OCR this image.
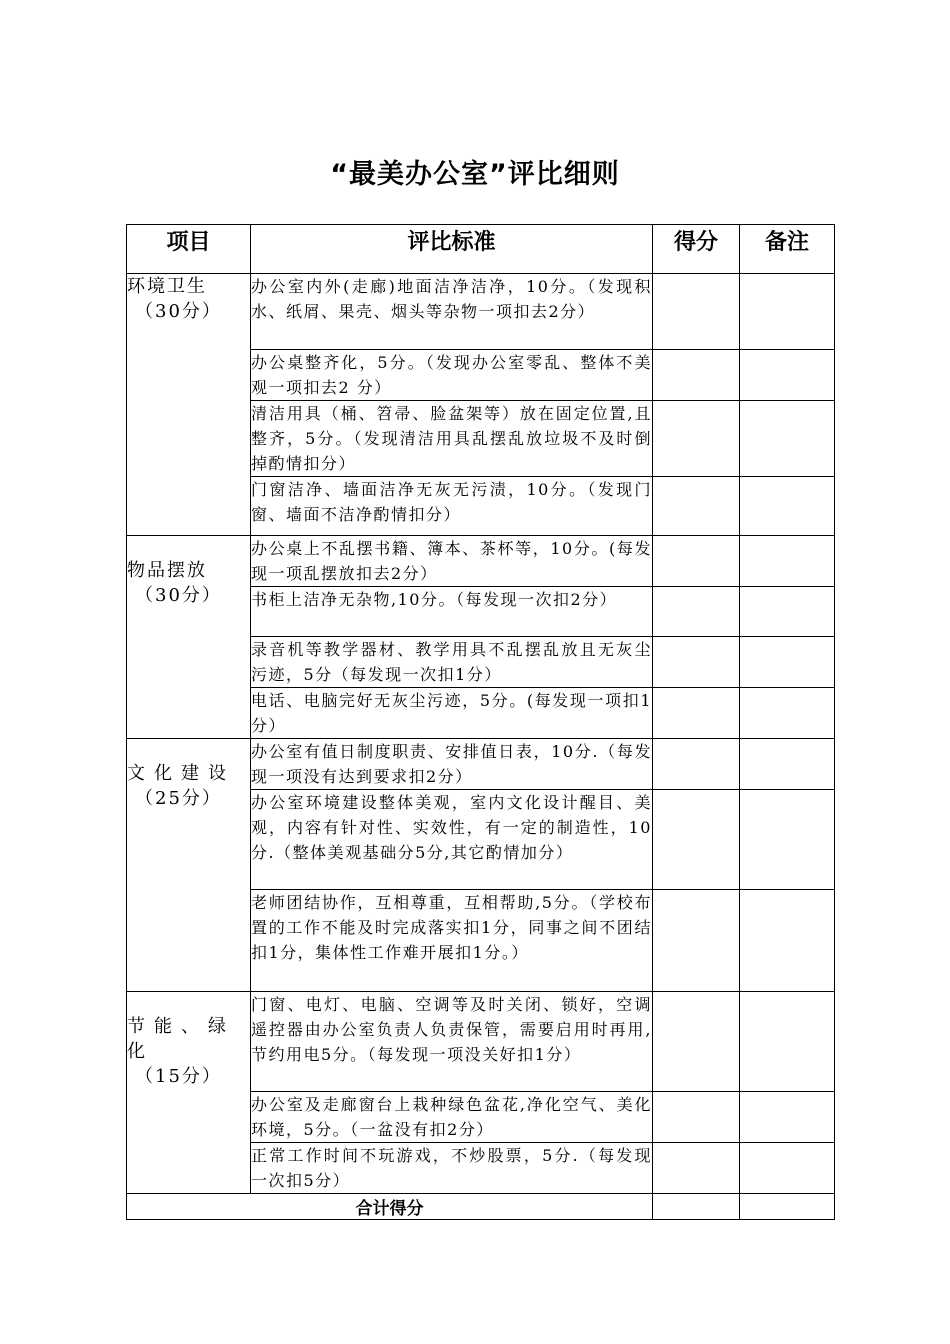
“最美办公室”评比细则
项目	评比标准	得分	备注

环境卫生
（30分）	办公室内外(走廊)地面洁净洁净，10分。（发现积水、纸屑、果壳、烟头等杂物一项扣去2分）		
	办公桌整齐化，5分。（发现办公室零乱、整体不美观一项扣去2 分）		
	清洁用具（桶、笤帚、脸盆架等）放在固定位置,且整齐，5分。（发现清洁用具乱摆乱放垃圾不及时倒掉酌情扣分）		
	门窗洁净、墙面洁净无灰无污渍，10分。（发现门窗、墙面不洁净酌情扣分）		

物品摆放
（30分）	办公桌上不乱摆书籍、簿本、茶杯等，10分。(每发现一项乱摆放扣去2分）		
	书柜上洁净无杂物,10分。（每发现一次扣2分）		
	录音机等教学器材、教学用具不乱摆乱放且无灰尘污迹，5分（每发现一次扣1分）		
	电话、电脑完好无灰尘污迹，5分。(每发现一项扣1分）		

文化建设
（25分）	办公室有值日制度职责、安排值日表，10分.（每发现一项没有达到要求扣2分）		
	办公室环境建设整体美观，室内文化设计醒目、美观，内容有针对性、实效性，有一定的制造性，10分.（整体美观基础分5分,其它酌情加分）		
	老师团结协作，互相尊重，互相帮助,5分。（学校布置的工作不能及时完成落实扣1分，同事之间不团结扣1分，集体性工作难开展扣1分。）		

节能、绿化
（15分）	门窗、电灯、电脑、空调等及时关闭、锁好，空调遥控器由办公室负责人负责保管，需要启用时再用,节约用电5分。（每发现一项没关好扣1分）		
	办公室及走廊窗台上栽种绿色盆花,净化空气、美化环境，5分。（一盆没有扣2分）		
	正常工作时间不玩游戏，不炒股票，5分.（每发现一次扣5分）		
合计得分			
